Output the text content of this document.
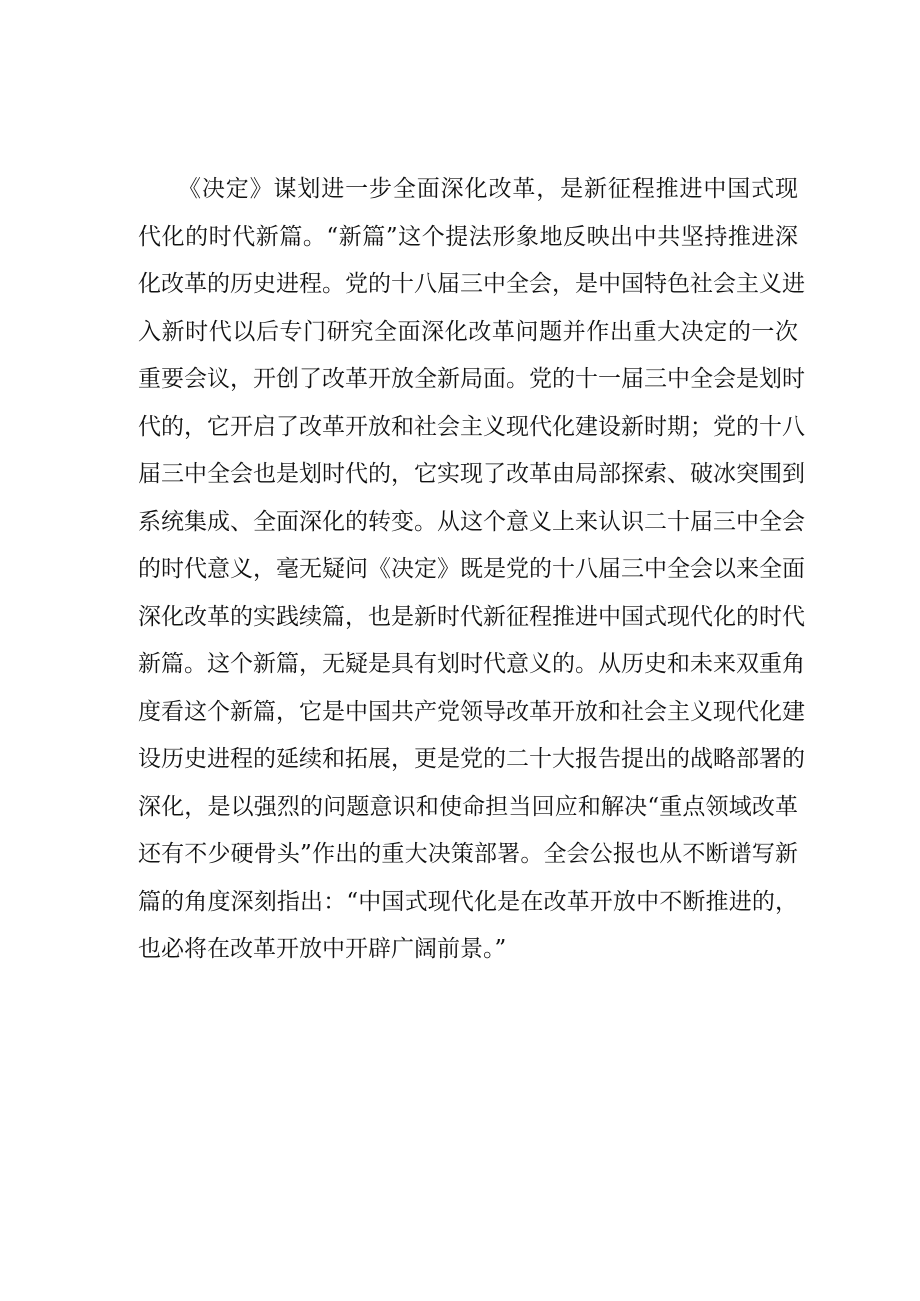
《决定》谋划进一步全面深化改革，是新征程推进中国式现
代化的时代新篇。“新篇”这个提法形象地反映出中共坚持推进深
化改革的历史进程。党的十八届三中全会，是中国特色社会主义进
入新时代以后专门研究全面深化改革问题并作出重大决定的一次
重要会议，开创了改革开放全新局面。党的十一届三中全会是划时
代的，它开启了改革开放和社会主义现代化建设新时期；党的十八
届三中全会也是划时代的，它实现了改革由局部探索、破冰突围到
系统集成、全面深化的转变。从这个意义上来认识二十届三中全会
的时代意义，毫无疑问《决定》既是党的十八届三中全会以来全面
深化改革的实践续篇，也是新时代新征程推进中国式现代化的时代
新篇。这个新篇，无疑是具有划时代意义的。从历史和未来双重角
度看这个新篇，它是中国共产党领导改革开放和社会主义现代化建
设历史进程的延续和拓展，更是党的二十大报告提出的战略部署的
深化，是以强烈的问题意识和使命担当回应和解决“重点领域改革
还有不少硬骨头”作出的重大决策部署。全会公报也从不断谱写新
篇的角度深刻指出：“中国式现代化是在改革开放中不断推进的，
也必将在改革开放中开辟广阔前景。”
